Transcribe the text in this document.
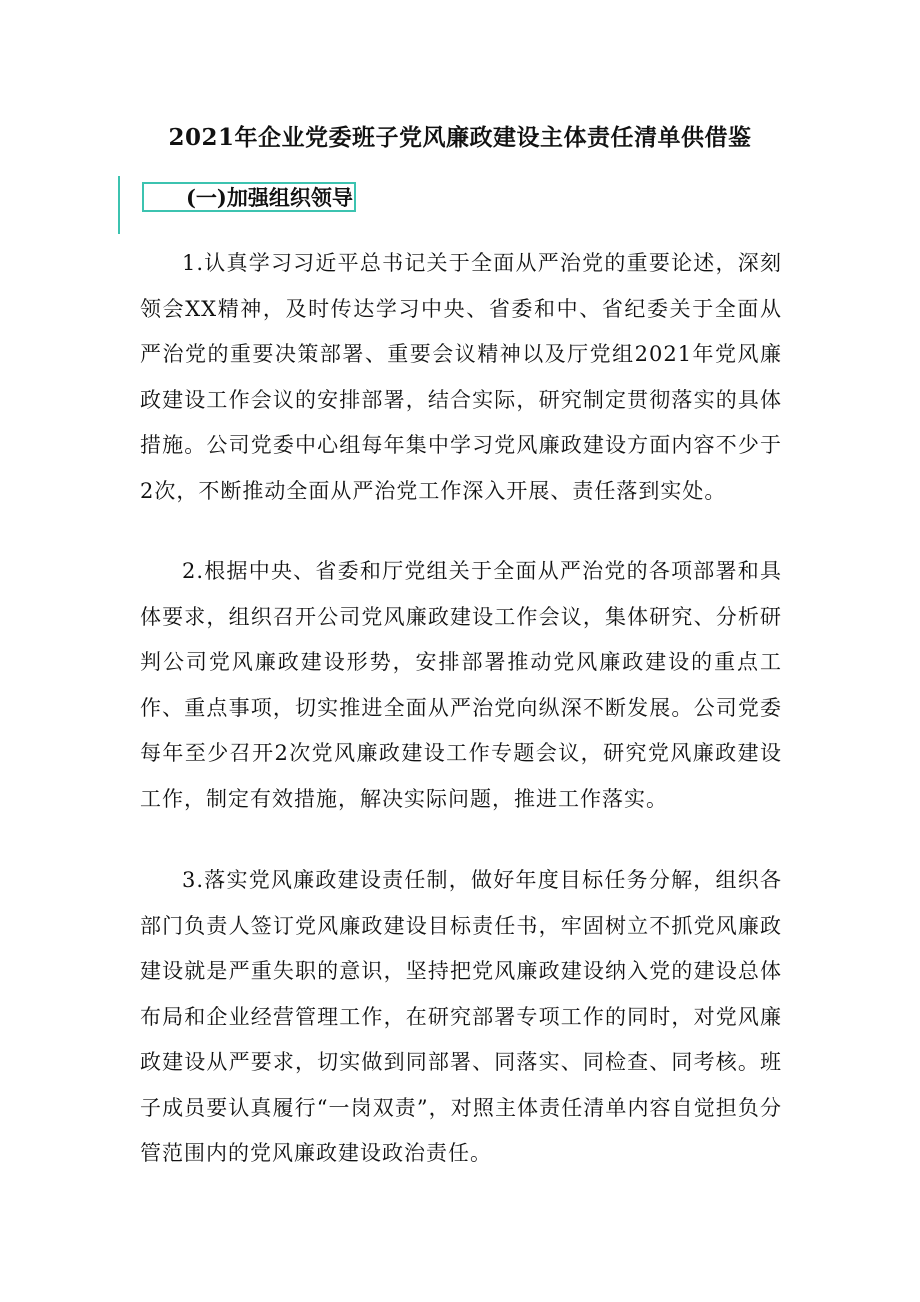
2021年企业党委班子党风廉政建设主体责任清单供借鉴
(一)加强组织领导

1.认真学习习近平总书记关于全面从严治党的重要论述，深刻领会XX精神，及时传达学习中央、省委和中、省纪委关于全面从严治党的重要决策部署、重要会议精神以及厅党组2021年党风廉政建设工作会议的安排部署，结合实际，研究制定贯彻落实的具体措施。公司党委中心组每年集中学习党风廉政建设方面内容不少于2次，不断推动全面从严治党工作深入开展、责任落到实处。

2.根据中央、省委和厅党组关于全面从严治党的各项部署和具体要求，组织召开公司党风廉政建设工作会议，集体研究、分析研判公司党风廉政建设形势，安排部署推动党风廉政建设的重点工作、重点事项，切实推进全面从严治党向纵深不断发展。公司党委每年至少召开2次党风廉政建设工作专题会议，研究党风廉政建设工作，制定有效措施，解决实际问题，推进工作落实。

3.落实党风廉政建设责任制，做好年度目标任务分解，组织各部门负责人签订党风廉政建设目标责任书，牢固树立不抓党风廉政建设就是严重失职的意识，坚持把党风廉政建设纳入党的建设总体布局和企业经营管理工作，在研究部署专项工作的同时，对党风廉政建设从严要求，切实做到同部署、同落实、同检查、同考核。班子成员要认真履行“一岗双责”，对照主体责任清单内容自觉担负分管范围内的党风廉政建设政治责任。
